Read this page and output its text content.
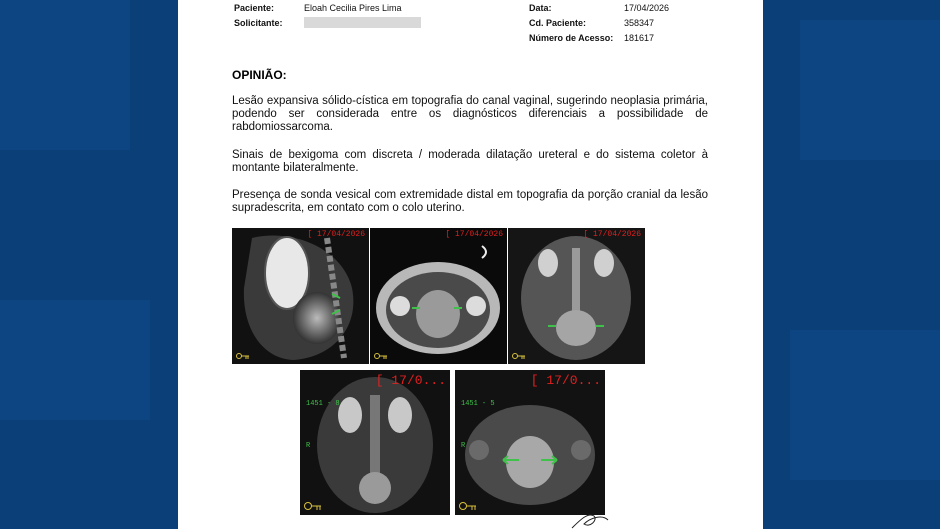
Paciente:	Eloah Cecilia Pires Lima
Solicitante:
Data:	17/04/2026
Cd. Paciente:	358347
Número de Acesso:	181617
OPINIÃO:
Lesão expansiva sólido-cística em topografia do canal vaginal, sugerindo neoplasia primária, podendo ser considerada entre os diagnósticos diferenciais a possibilidade de rabdomiossarcoma.
Sinais de bexigoma com discreta / moderada dilatação ureteral e do sistema coletor à montante bilateralmente.
Presença de sonda vesical com extremidade distal em topografia da porção cranial da lesão supradescrita, em contato com o colo uterino.
[ 17/04/2026	[ 17/04/2026	[ 17/04/2026
[ 17/0...
1451 - 8
R
[ 17/0...
1451 - 5
R
